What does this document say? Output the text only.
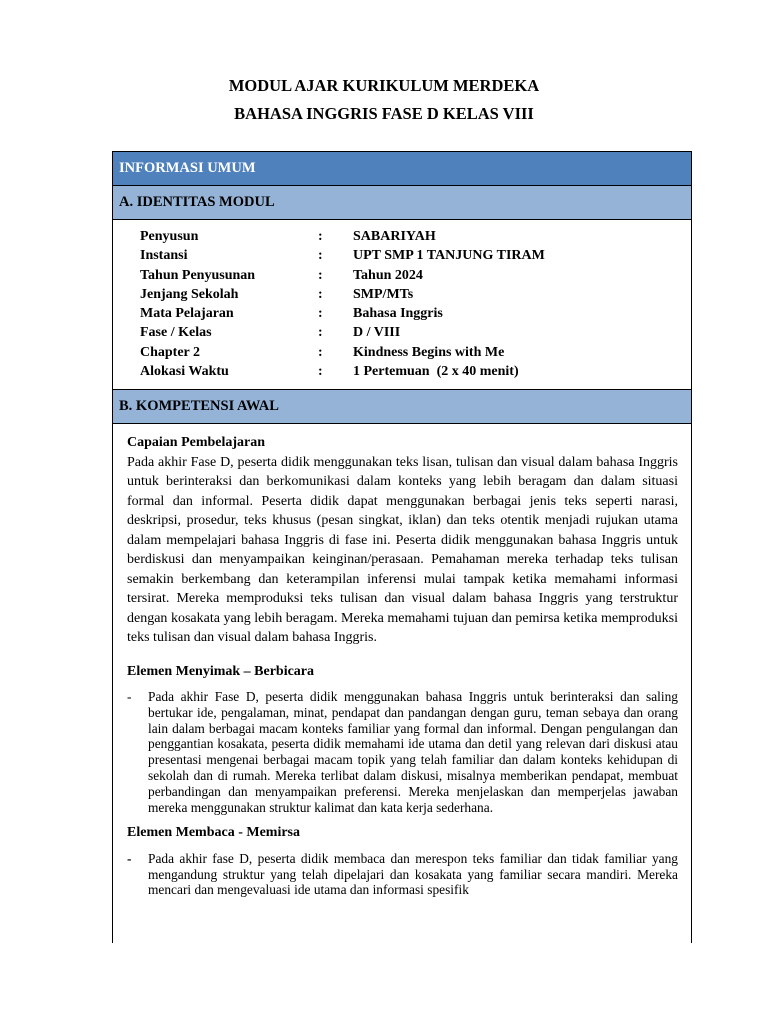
MODUL AJAR KURIKULUM MERDEKA
BAHASA INGGRIS FASE D KELAS VIII
INFORMASI UMUM
A. IDENTITAS MODUL
Penyusun	: SABARIYAH
Instansi	: UPT SMP 1 TANJUNG TIRAM
Tahun Penyusunan	: Tahun 2024
Jenjang Sekolah	: SMP/MTs
Mata Pelajaran	: Bahasa Inggris
Fase / Kelas	: D / VIII
Chapter 2	: Kindness Begins with Me
Alokasi Waktu	: 1 Pertemuan  (2 x 40 menit)
B. KOMPETENSI AWAL
Capaian Pembelajaran

Pada akhir Fase D, peserta didik menggunakan teks lisan, tulisan dan visual dalam bahasa Inggris untuk berinteraksi dan berkomunikasi dalam konteks yang lebih beragam dan dalam situasi formal dan informal. Peserta didik dapat menggunakan berbagai jenis teks seperti narasi, deskripsi, prosedur, teks khusus (pesan singkat, iklan) dan teks otentik menjadi rujukan utama dalam mempelajari bahasa Inggris di fase ini. Peserta didik menggunakan bahasa Inggris untuk berdiskusi dan menyampaikan keinginan/perasaan. Pemahaman mereka terhadap teks tulisan semakin berkembang dan keterampilan inferensi mulai tampak ketika memahami informasi tersirat. Mereka memproduksi teks tulisan dan visual dalam bahasa Inggris yang terstruktur dengan kosakata yang lebih beragam. Mereka memahami tujuan dan pemirsa ketika memproduksi teks tulisan dan visual dalam bahasa Inggris.

Elemen Menyimak – Berbicara

-	Pada akhir Fase D, peserta didik menggunakan bahasa Inggris untuk berinteraksi dan saling bertukar ide, pengalaman, minat, pendapat dan pandangan dengan guru, teman sebaya dan orang lain dalam berbagai macam konteks familiar yang formal dan informal. Dengan pengulangan dan penggantian kosakata, peserta didik memahami ide utama dan detil yang relevan dari diskusi atau presentasi mengenai berbagai macam topik yang telah familiar dan dalam konteks kehidupan di sekolah dan di rumah. Mereka terlibat dalam diskusi, misalnya memberikan pendapat, membuat perbandingan dan menyampaikan preferensi. Mereka menjelaskan dan memperjelas jawaban mereka menggunakan struktur kalimat dan kata kerja sederhana.

Elemen Membaca - Memirsa

-	Pada akhir fase D, peserta didik membaca dan merespon teks familiar dan tidak familiar yang mengandung struktur yang telah dipelajari dan kosakata yang familiar secara mandiri. Mereka mencari dan mengevaluasi ide utama dan informasi spesifik
